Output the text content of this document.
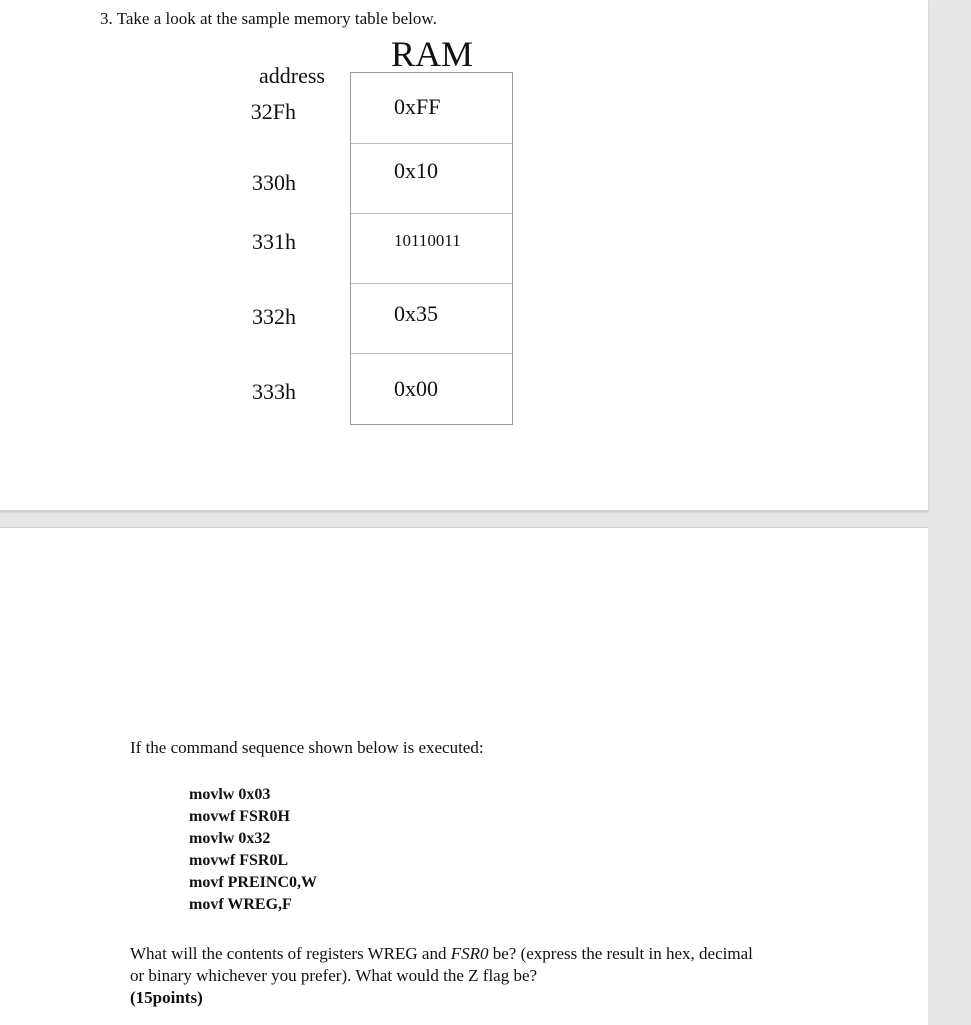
3. Take a look at the sample memory table below.
RAM
address
32Fh
330h
331h
332h
333h
0xFF
0x10
10110011
0x35
0x00
If the command sequence shown below is executed:
movlw 0x03
movwf FSR0H
movlw 0x32
movwf FSR0L
movf PREINC0,W
movf WREG,F
What will the contents of registers WREG and FSR0 be? (express the result in hex, decimal or binary whichever you prefer). What would the Z flag be?
(15points)
